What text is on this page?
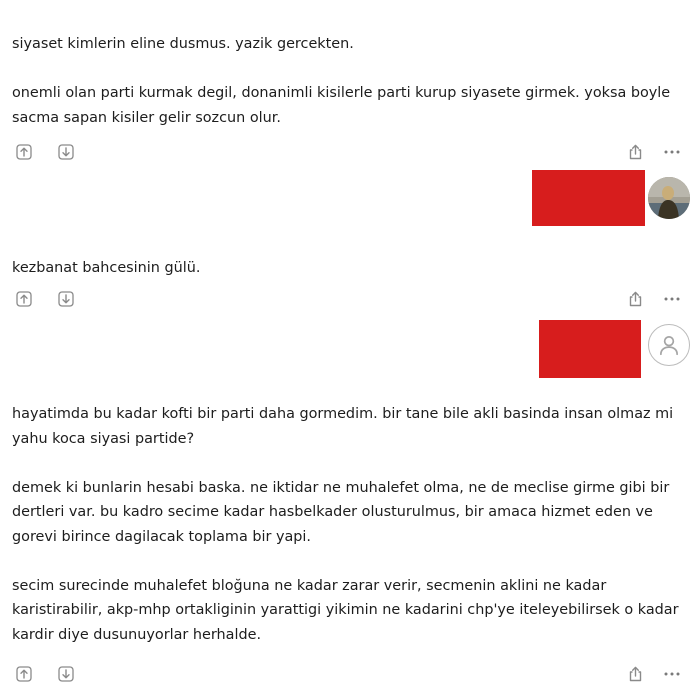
siyaset kimlerin eline dusmus. yazik gercekten.

onemli olan parti kurmak degil, donanimli kisilerle parti kurup siyasete girmek. yoksa boyle sacma sapan kisiler gelir sozcun olur.

kezbanat bahcesinin gülü.

hayatimda bu kadar kofti bir parti daha gormedim. bir tane bile akli basinda insan olmaz mi yahu koca siyasi partide?

demek ki bunlarin hesabi baska. ne iktidar ne muhalefet olma, ne de meclise girme gibi bir dertleri var. bu kadro secime kadar hasbelkader olusturulmus, bir amaca hizmet eden ve gorevi birince dagilacak toplama bir yapi.

secim surecinde muhalefet bloğuna ne kadar zarar verir, secmenin aklini ne kadar karistirabilir, akp-mhp ortakliginin yarattigi yikimin ne kadarini chp'ye iteleyebilirsek o kadar kardir diye dusunuyorlar herhalde.
